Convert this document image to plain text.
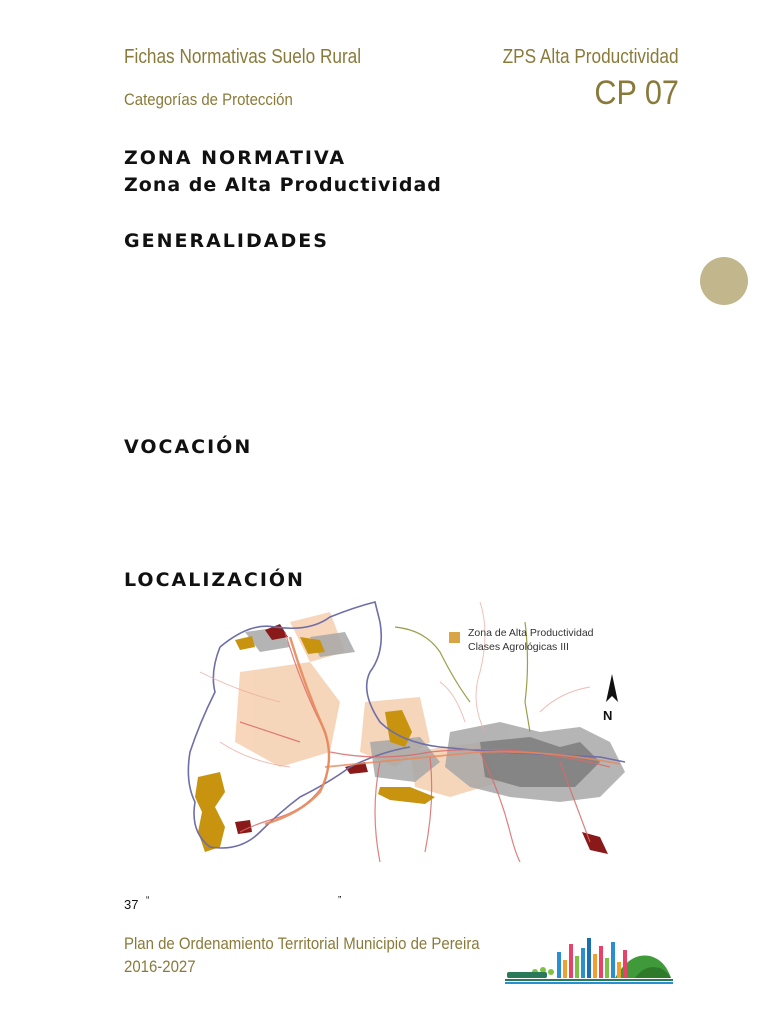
Fichas Normativas Suelo Rural
Categorías de Protección
ZPS Alta Productividad
CP 07
ZONA NORMATIVA
Zona de Alta Productividad
GENERALIDADES
VOCACIÓN
LOCALIZACIÓN
Zona de Alta Productividad
Clases Agrológicas III
N
37 “	”
Plan de Ordenamiento Territorial Municipio de Pereira
2016-2027
